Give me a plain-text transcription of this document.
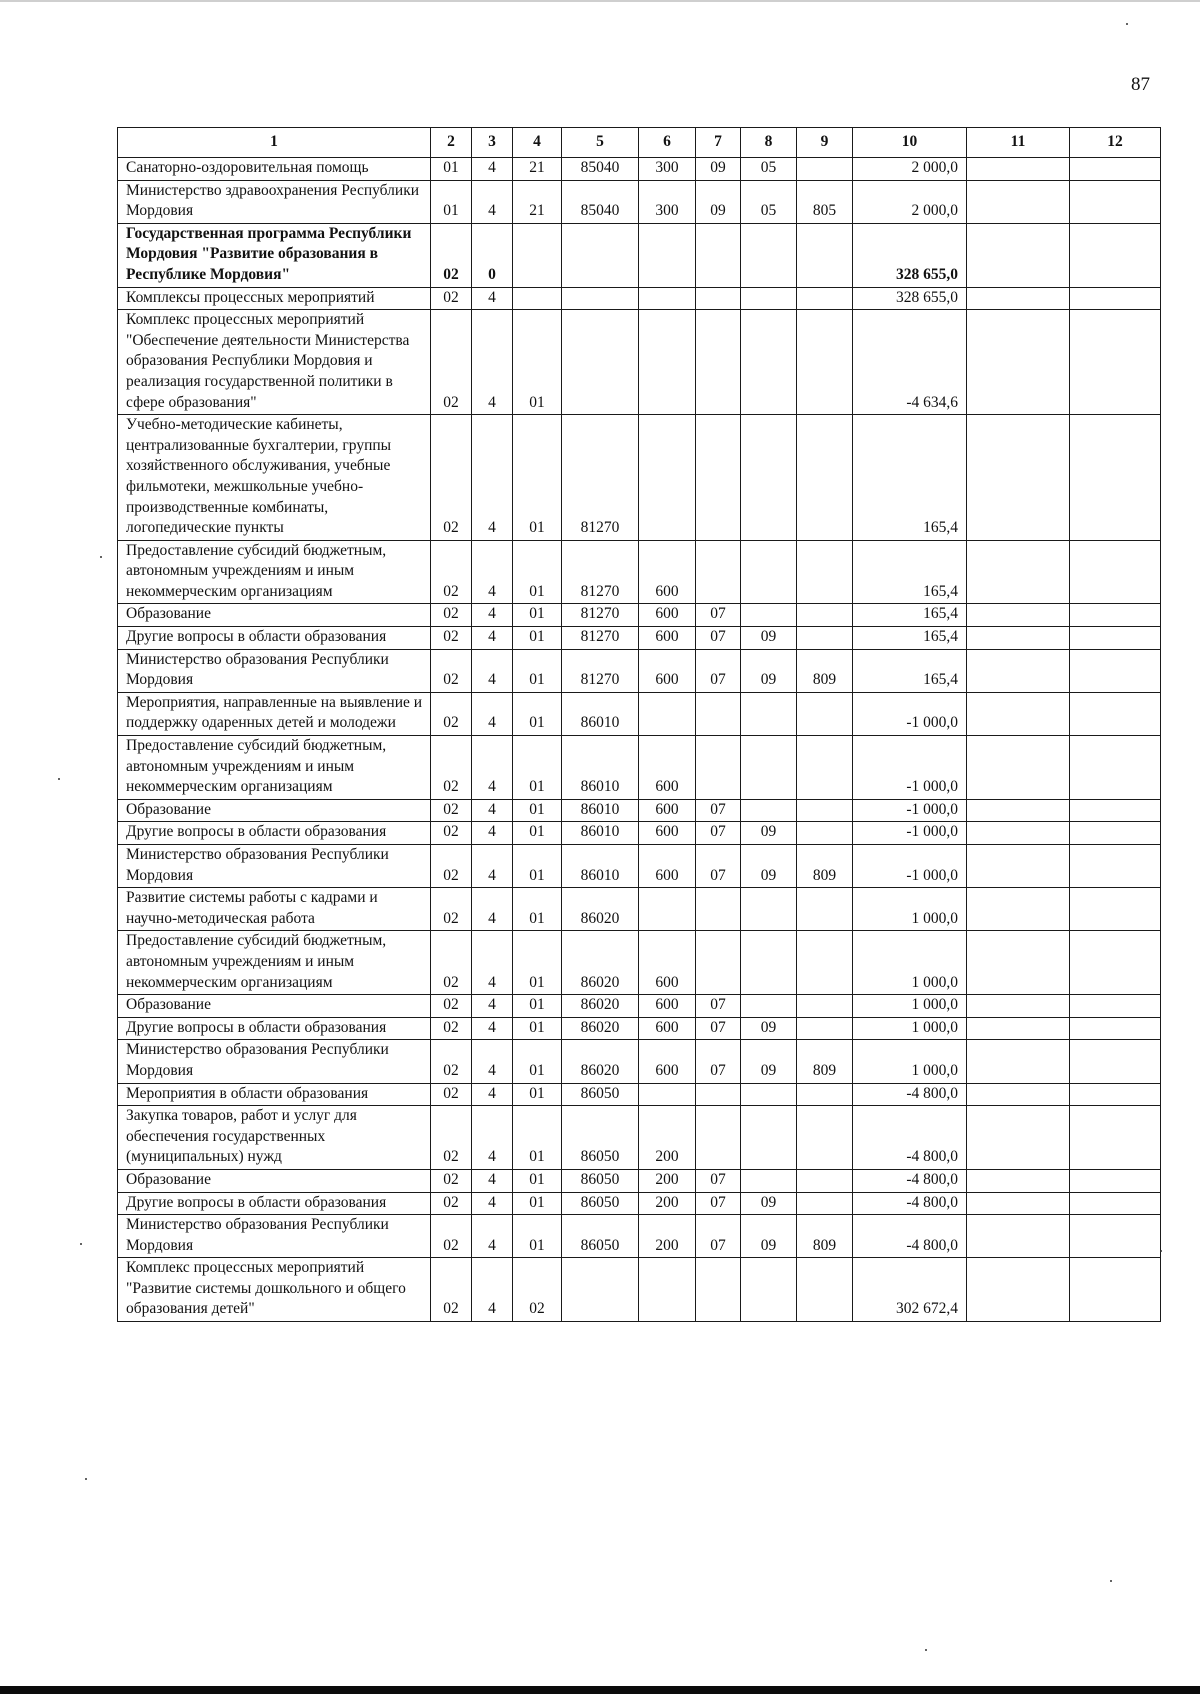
87
1	2	3	4	5	6	7	8	9	10	11	12
Санаторно-оздоровительная помощь	01	4	21	85040	300	09	05		2 000,0		
Министерство здравоохранения Республики Мордовия	01	4	21	85040	300	09	05	805	2 000,0		
Государственная программа Республики Мордовия "Развитие образования в Республике Мордовия"	02	0							328 655,0		
Комплексы процессных мероприятий	02	4							328 655,0		
Комплекс процессных мероприятий "Обеспечение деятельности Министерства образования Республики Мордовия и реализация государственной политики в сфере образования"	02	4	01						-4 634,6		
Учебно-методические кабинеты, централизованные бухгалтерии, группы хозяйственного обслуживания, учебные фильмотеки, межшкольные учебно-производственные комбинаты, логопедические пункты	02	4	01	81270					165,4		
Предоставление субсидий бюджетным, автономным учреждениям и иным некоммерческим организациям	02	4	01	81270	600				165,4		
Образование	02	4	01	81270	600	07			165,4		
Другие вопросы в области образования	02	4	01	81270	600	07	09		165,4		
Министерство образования Республики Мордовия	02	4	01	81270	600	07	09	809	165,4		
Мероприятия, направленные на выявление и поддержку одаренных детей и молодежи	02	4	01	86010					-1 000,0		
Предоставление субсидий бюджетным, автономным учреждениям и иным некоммерческим организациям	02	4	01	86010	600				-1 000,0		
Образование	02	4	01	86010	600	07			-1 000,0		
Другие вопросы в области образования	02	4	01	86010	600	07	09		-1 000,0		
Министерство образования Республики Мордовия	02	4	01	86010	600	07	09	809	-1 000,0		
Развитие системы работы с кадрами и научно-методическая работа	02	4	01	86020					1 000,0		
Предоставление субсидий бюджетным, автономным учреждениям и иным некоммерческим организациям	02	4	01	86020	600				1 000,0		
Образование	02	4	01	86020	600	07			1 000,0		
Другие вопросы в области образования	02	4	01	86020	600	07	09		1 000,0		
Министерство образования Республики Мордовия	02	4	01	86020	600	07	09	809	1 000,0		
Мероприятия в области образования	02	4	01	86050					-4 800,0		
Закупка товаров, работ и услуг для обеспечения государственных (муниципальных) нужд	02	4	01	86050	200				-4 800,0		
Образование	02	4	01	86050	200	07			-4 800,0		
Другие вопросы в области образования	02	4	01	86050	200	07	09		-4 800,0		
Министерство образования Республики Мордовия	02	4	01	86050	200	07	09	809	-4 800,0		
Комплекс процессных мероприятий "Развитие системы дошкольного и общего образования детей"	02	4	02						302 672,4		
